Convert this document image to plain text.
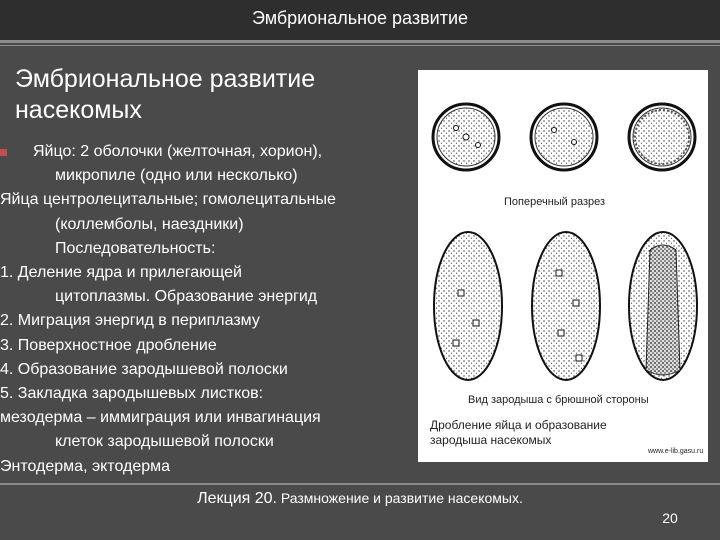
Эмбриональное развитие
Эмбриональное развитие
насекомых
Яйцо: 2 оболочки (желточная, хорион),
микропиле (одно или несколько)
Яйца центролецитальные; гомолецитальные
(коллемболы, наездники)
Последовательность:
1. Деление ядра и прилегающей
цитоплазмы. Образование энергид
2. Миграция энергид в периплазму
3. Поверхностное дробление
4. Образование зародышевой полоски
5. Закладка зародышевых листков:
мезодерма – иммиграция или инвагинация
клеток зародышевой полоски
Энтодерма, эктодерма
Поперечный разрез
Вид зародыша с брюшной стороны
Дробление яйца и образование
зародыша насекомых
www.e-lib.gasu.ru
Лекция 20. Размножение и развитие насекомых.
20
